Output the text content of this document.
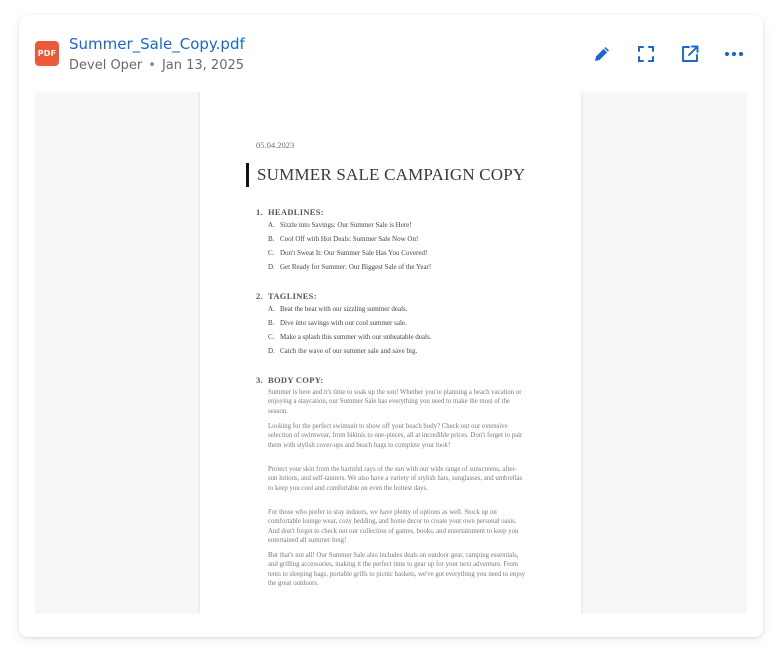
PDF
Summer_Sale_Copy.pdf
Devel Oper • Jan 13, 2025
05.04.2023
SUMMER SALE CAMPAIGN COPY
1. HEADLINES:
A. Sizzle into Savings: Our Summer Sale is Here!
B. Cool Off with Hot Deals: Summer Sale Now On!
C. Don't Sweat It: Our Summer Sale Has You Covered!
D. Get Ready for Summer: Our Biggest Sale of the Year!
2. TAGLINES:
A. Beat the heat with our sizzling summer deals.
B. Dive into savings with our cool summer sale.
C. Make a splash this summer with our unbeatable deals.
D. Catch the wave of our summer sale and save big.
3. BODY COPY:
Summer is here and it's time to soak up the sun! Whether you're planning a beach vacation or enjoying a staycation, our Summer Sale has everything you need to make the most of the season.
Looking for the perfect swimsuit to show off your beach body? Check out our extensive selection of swimwear, from bikinis to one-pieces, all at incredible prices. Don't forget to pair them with stylish cover-ups and beach bags to complete your look!
Protect your skin from the harmful rays of the sun with our wide range of sunscreens, after-sun lotions, and self-tanners. We also have a variety of stylish hats, sunglasses, and umbrellas to keep you cool and comfortable on even the hottest days.
For those who prefer to stay indoors, we have plenty of options as well. Stock up on comfortable lounge wear, cozy bedding, and home decor to create your own personal oasis. And don't forget to check out our collection of games, books, and entertainment to keep you entertained all summer long!
But that's not all! Our Summer Sale also includes deals on outdoor gear, camping essentials, and grilling accessories, making it the perfect time to gear up for your next adventure. From tents to sleeping bags, portable grills to picnic baskets, we've got everything you need to enjoy the great outdoors.
